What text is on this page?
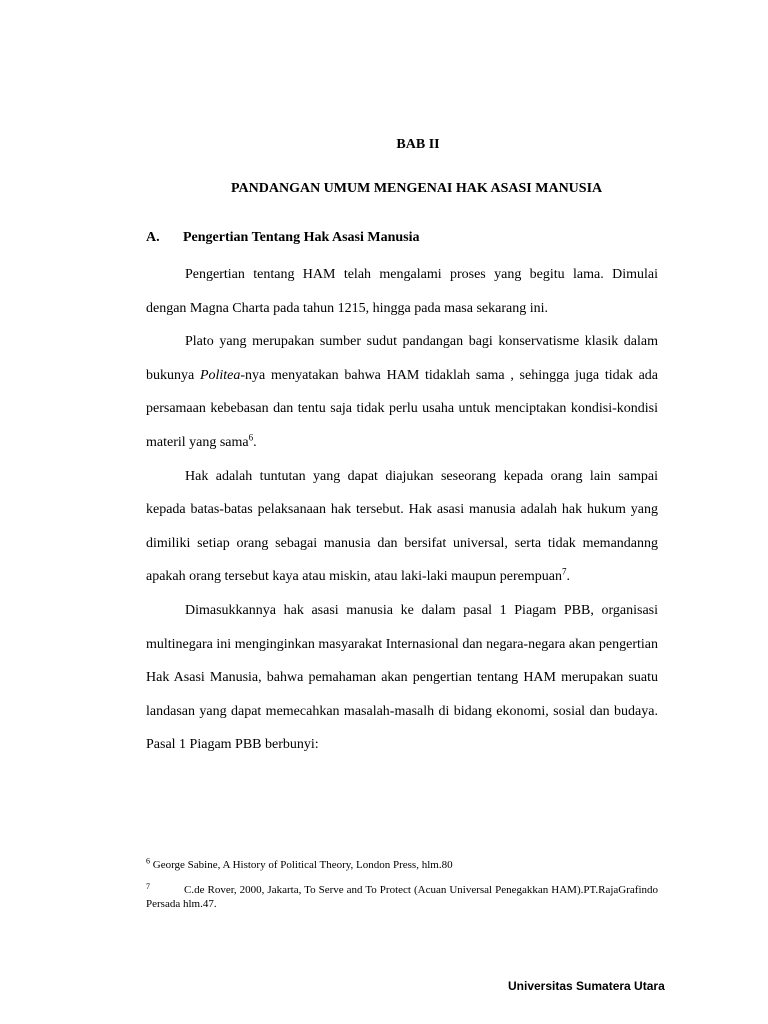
BAB II
PANDANGAN UMUM MENGENAI HAK ASASI MANUSIA
A. Pengertian Tentang Hak Asasi Manusia

Pengertian tentang HAM telah mengalami proses yang begitu lama. Dimulai dengan Magna Charta pada tahun 1215, hingga pada masa sekarang ini.

Plato yang merupakan sumber sudut pandangan bagi konservatisme klasik dalam bukunya Politea-nya menyatakan bahwa HAM tidaklah sama , sehingga juga tidak ada persamaan kebebasan dan tentu saja tidak perlu usaha untuk menciptakan kondisi-kondisi materil yang sama$^6$.

Hak adalah tuntutan yang dapat diajukan seseorang kepada orang lain sampai kepada batas-batas pelaksanaan hak tersebut. Hak asasi manusia adalah hak hukum yang dimiliki setiap orang sebagai manusia dan bersifat universal, serta tidak memandanng apakah orang tersebut kaya atau miskin, atau laki-laki maupun perempuan$^7$.

Dimasukkannya hak asasi manusia ke dalam pasal 1 Piagam PBB, organisasi multinegara ini menginginkan masyarakat Internasional dan negara-negara akan pengertian Hak Asasi Manusia, bahwa pemahaman akan pengertian tentang HAM merupakan suatu landasan yang dapat memecahkan masalah-masalh di bidang ekonomi, sosial dan budaya. Pasal 1 Piagam PBB berbunyi:

$^6$ George Sabine, A History of Political Theory, London Press, hlm.80
7	C.de Rover, 2000, Jakarta, To Serve and To Protect (Acuan Universal Penegakkan HAM).PT.RajaGrafindo Persada hlm.47.
Universitas Sumatera Utara
